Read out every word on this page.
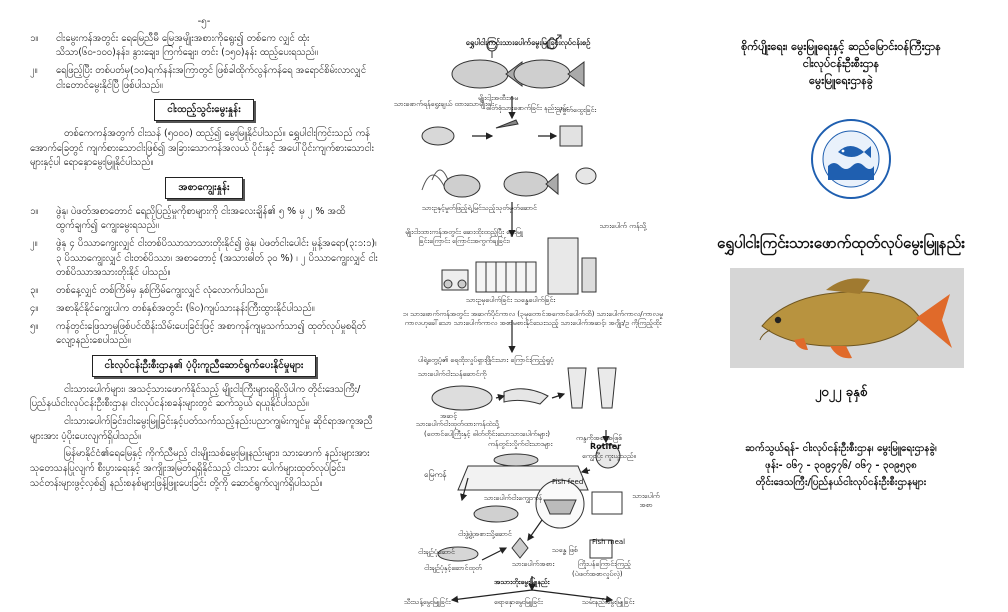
-၅-
၁။	ငါးမွေးကန်အတွင်း ရေမြေညီမီ မြေအမျိုးအစားကိုရွေး၍ တစ်ကေ လျှင် ထုံးသိသာ(၆၀-၁၀၀)နန်း၊ နွားချေး၊ ကြက်ချေး၊ တင်း (၁၅၀)နန်း ထည့်ပေးရသည်။
၂။	ရေဖြည့်ပြီး တစ်ပတ်မှ(၁၀)ရက်နန်းအကြာတွင် ဖြစ်ခါထိုက်လွန်ကန်ရေ အရောင်စိမ်းလာလျှင် ငါးတောင်မွေးနိုင်ပြီ ဖြစ်ပါသည်။
ငါးထည့်သွင်းမွေးနှုန်း
တစ်ကေကန်အတွက် ငါးသန် (၅၀၀၀) ထည့်၍ မွေးမြူနိုင်ပါသည်။ ရွှေပါငါးကြင်းသည် ကန်အောက်ခြေတွင် ကျက်စားသောငါးဖြစ်၍ အခြားသောကန်အလယ် ပိုင်းနှင့် အပေါ်ပိုင်းကျက်စားသောငါးများနှင့်ပါ ရောနှောမွေးမြူနိုင်ပါသည်။
အစာကျွေးနှုန်း
၁။	ဖွဲနု၊ ပဲဖတ်အစာတောင် ရေညှိပြည့်မှုကိုစာများကို ငါးအလေးချိန်၏ ၅ % မှ ၂ % အထိ ထွက်ချက်၍ ကျွေးမွေးရသည်။
၂။	ဖွဲနု ၄ ပိဿာကျွေးလျှင် ငါးတစ်ပိဿာသာသားတိုးနိုင်၍ ဖွဲနု၊ ပဲဖတ်ငါးပေါင်း မှုန့်အရော(၃:၁:၁)၊ ၃ ပိဿာကျွေးလျှင် ငါးတစ်ပိဿာ၊ အစာတောင့် (အသားဓါတ် ၃၀ %) ၊ ၂ ပိဿာကျွေးလျှင် ငါးတစ်ပိဿာအသားတိုးနိုင် ပါသည်။
၃။	တစ်နေ့လျှင် တစ်ကြိမ်မှ နှစ်ကြိမ်ကျွေးလျှင် လုံလောက်ပါသည်။
၄။	အစာနိုင်နိုင်ကျွေးပါက တစ်နှစ်အတွင်း (၆၀)ကျပ်သားနန်းကြီးထွားနိုင်ပါသည်။
၅။	ကန်တွင်းဖြေသာမှုဖြစ်ပင်ထိန်းသိမ်းပေးခြင်းဖြင့် အစာကုန်ကျမှုသက်သာ၍ ထုတ်လုပ်မှုစရိတ်လျော့နည်းစေပါသည်။
ငါးလုပ်ငန်းဦးစီးဌာန၏ ပံ့ပိုးကူညီဆောင်ရွက်ပေးနိုင်မှုများ
ငါးသားပေါက်များ၊ အသင့်သားဖောက်နိုင်သည့် မျိုးငါးကြီးများရရှိလိုပါက တိုင်းဒေသကြီး/ပြည်နယ်ငါးလုပ်ငန်းဦးစီးဌာန၊ ငါးလုပ်ငန်းစခန်းများတွင် ဆက်သွယ် ရယူနိုင်ပါသည်။
ငါးသားပေါက်ခြင်း၊ငါးမွေးမြူခြင်းနှင့်ပတ်သက်သည့်နည်းပညာကျွမ်းကျင်မှု ဆိုင်ရာအကူအညီများအား ပံ့ပိုးပေးလျက်ရှိပါသည်။
မြန်မာနိုင်ငံ၏ရေမြေနှင့် ကိုက်ညီမည့် ငါးမျိုးသစ်မွေးမြူနည်းများ၊ သားဖောက် နည်းများအား သုတေသနပြုလျက် စီးပွားရေးနှင့် အကျိုးအမြတ်ရရှိနိုင်သည့် ငါးသား ပေါက်များထုတ်လုပ်ခြင်း၊ သင်တန်းများဖွင့်လှစ်၍ နည်းစနစ်များဖြန့်ဖြူးပေးခြင်း တို့ကို ဆောင်ရွက်လျက်ရှိပါသည်။
ရွှေပါငါးကြင်းသားပေါက်မွေးမြူခြင်းလုပ်ငန်းစဉ်
မျိုးငါးအထီးအမ
သားဖောက်ရန်ရွေးချယ် ထားသောမျိုးငါး
ဓါတ်စုံသားဖောက်ခြင်း နည်းလမ်း
ဥ/မှုတ်ထွေးခြင်း
သားဥနှင့်မှုတ်ဖြည့်ရဲ့မြင်သည့်သုတ်မှုတ်ဆောင်
မျိုးငါးထားကန်အတွင်း ဆေးထိုးထည့်ပြီး မွေးမြူခြင်းကြောင်း ကြောင်းအကွက်ချခြင်း၊
သားပေါက် ကန်သို့
သားဥမှပေါက်ခြင်း သန္ဓေပေါက်ခြင်း
၁၊ သားဖောက်ကန်အတွင်း အဆက်ပိုင်ကာလ (၃မှတောင်အကောင်ပေါက်ထိ) သားပေါက်ကာလ/ကာလမှုကာလဟုခေါ်သော သားပေါက်ကာလ အစာမစားနိုင်သေးသည့် သားပေါက်အဆင့်၊ အဂျိုး/ဥ ကိုကြည့်ထိုး
ပါရဲ့တွေ့ပုံ၏ ရေထိုးလှုပ်ရှားဖြိုင်းသား ကြောင်းကြည့်ရှုပုံ
သားပေါက်ငါးသန်ဆောင်ကို
အဆင့်
သားပေါက်ငါးထုတ်ထားကန်ထဲသို့
(တောင်ပေါ့ကြီးနှင့် ဓါတ်တိုင်းသောသားပေါက်များ)
ကန်တွင်းလှိုက်ငါးသားများ	Rotifer
ကန္ဒကိုအစာအဖြစ်
ကျွေးပြီး ကူးယူသည်။
မြေကန်
သားပေါက်ငါးကျွေးကန်	သားပေါက် အစာ
Fish feed
Fish meal
ငါးဖွဲ့ဖွဲ့အစားသို့ဆောင်
သားပေါက်အစား
ငါးချဉ်ပုံနှင့်ဆောင်ထုတ်	ကြိုးပန်ကြောင်းကြည့်
(ပဲဖတ်အစာလှုပ်လှဲ)
အသားတိုးမွေးမြူနည်း
သီးသန့်မွေးမြူခြင်း	ရောနှောမွေးမြူခြင်း	သမ်းနည်းမွေးမြူခြင်း
သန္ဓေ ဖြစ်
ငါးချဉ်ပုံဆောင်
စိုက်ပျိုးရေး၊ မွေးမြူရေးနှင့် ဆည်မြောင်းဝန်ကြီးဌာန
ငါးလုပ်ငန်းဦးစီးဌာန
မွေးမြူရေးဌာနခွဲ
ရွှေပါငါးကြင်းသားဖောက်ထုတ်လုပ်မွေးမြူနည်း
၂၀၂၂ ခုနှစ်
ဆက်သွယ်ရန်- ငါးလုပ်ငန်းဦးစီးဌာန၊ မွေးမြူရေးဌာနခွဲ၊
ဖုန်း- ၀၆၇ - ၃၀၉၄၇၆/ ၀၆၇ - ၃၀၉၅၃၈
တိုင်းဒေသကြီး/ပြည်နယ်ငါးလုပ်ငန်းဦးစီးဌာနများ
